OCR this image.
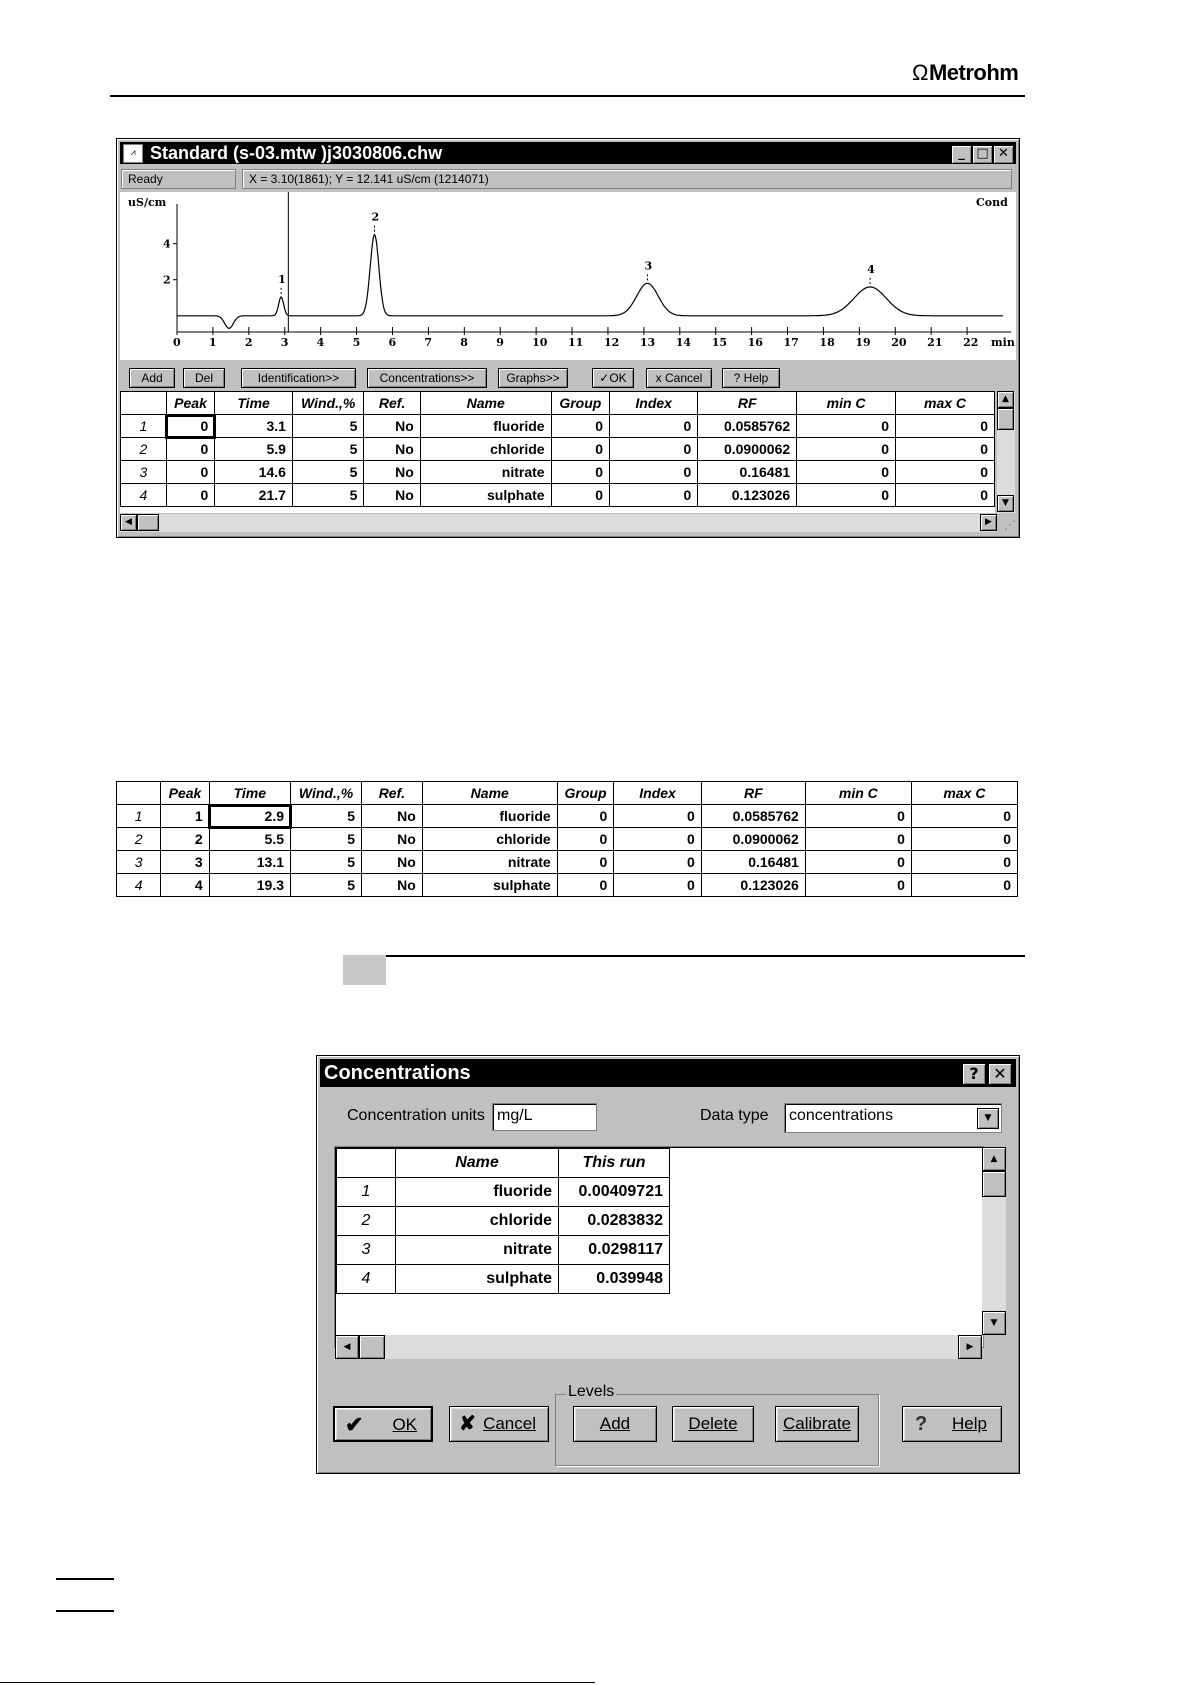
ΩMetrohm
⩘ Standard (s-03.mtw )j3030806.chw	_ □ ✕
Ready	X = 3.10(1861); Y = 12.141 uS/cm (1214071)
uS/cm	Cond
2
4
0	1	2	3	4	5	6	7	8	9	10 11 12 13 14 15 16 17 18 19 20 21 22 min
1
2
3	4
Add	Del	Identification>>	Concentrations>>	Graphs>>	✓OK	x Cancel	? Help
	Peak	Time	Wind.,%	Ref.	Name	Group	Index	RF	min C	max C
1	0	3.1	5	No	fluoride	0	0	0.0585762	0	0
2	0	5.9	5	No	chloride	0	0	0.0900062	0	0
3	0	14.6	5	No	nitrate	0	0	0.16481	0	0
4	0	21.7	5	No	sulphate	0	0	0.123026	0	0
▲
▼
◀	▶	⋰
	Peak	Time	Wind.,%	Ref.	Name	Group	Index	RF	min C	max C
1	1	2.9	5	No	fluoride	0	0	0.0585762	0	0
2	2	5.5	5	No	chloride	0	0	0.0900062	0	0
3	3	13.1	5	No	nitrate	0	0	0.16481	0	0
4	4	19.3	5	No	sulphate	0	0	0.123026	0	0
Concentrations	? ✕
Concentration units mg/L	Data type	concentrations	▼
	Name	This run
1	fluoride	0.00409721
2	chloride	0.0283832
3	nitrate	0.0298117
4	sulphate	0.039948
▲
▼
◀	▶
✔ OK ✘ Cancel
Levels
Add	Delete	Calibrate	? Help
